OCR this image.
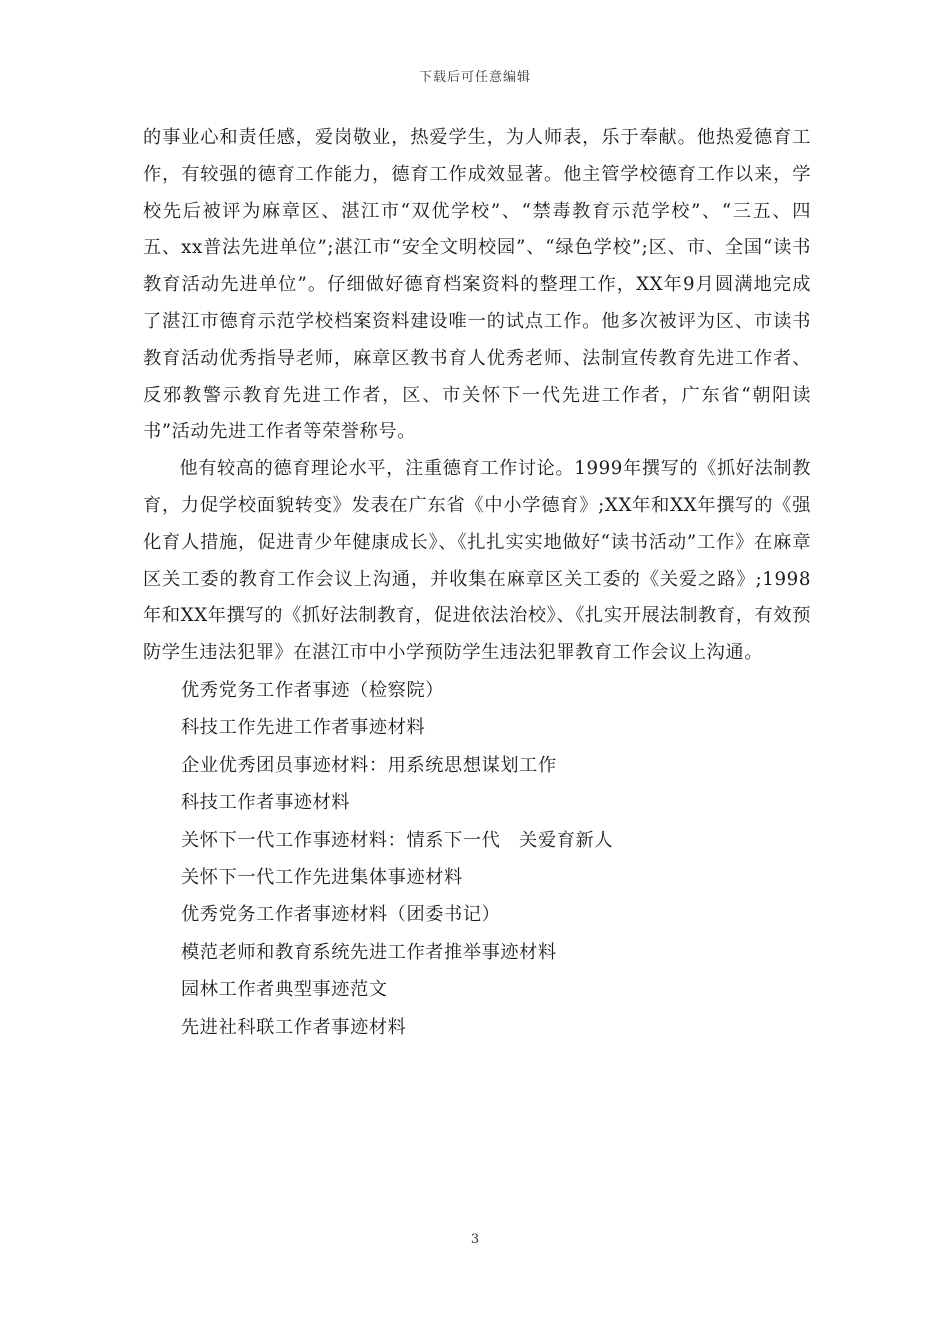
下载后可任意编辑

的事业心和责任感，爱岗敬业，热爱学生，为人师表，乐于奉献。他热爱德育工作，有较强的德育工作能力，德育工作成效显著。他主管学校德育工作以来，学校先后被评为麻章区、湛江市“双优学校”、“禁毒教育示范学校”、“三五、四五、xx普法先进单位”;湛江市“安全文明校园”、“绿色学校”;区、市、全国“读书教育活动先进单位”。仔细做好德育档案资料的整理工作，XX年9月圆满地完成了湛江市德育示范学校档案资料建设唯一的试点工作。他多次被评为区、市读书教育活动优秀指导老师，麻章区教书育人优秀老师、法制宣传教育先进工作者、反邪教警示教育先进工作者，区、市关怀下一代先进工作者，广东省“朝阳读书”活动先进工作者等荣誉称号。

他有较高的德育理论水平，注重德育工作讨论。1999年撰写的《抓好法制教育，力促学校面貌转变》发表在广东省《中小学德育》;XX年和XX年撰写的《强化育人措施，促进青少年健康成长》、《扎扎实实地做好“读书活动”工作》在麻章区关工委的教育工作会议上沟通，并收集在麻章区关工委的《关爱之路》;1998年和XX年撰写的《抓好法制教育，促进依法治校》、《扎实开展法制教育，有效预防学生违法犯罪》在湛江市中小学预防学生违法犯罪教育工作会议上沟通。

优秀党务工作者事迹（检察院）
科技工作先进工作者事迹材料
企业优秀团员事迹材料：用系统思想谋划工作
科技工作者事迹材料
关怀下一代工作事迹材料：情系下一代　关爱育新人
关怀下一代工作先进集体事迹材料
优秀党务工作者事迹材料（团委书记）
模范老师和教育系统先进工作者推举事迹材料
园林工作者典型事迹范文
先进社科联工作者事迹材料
3
